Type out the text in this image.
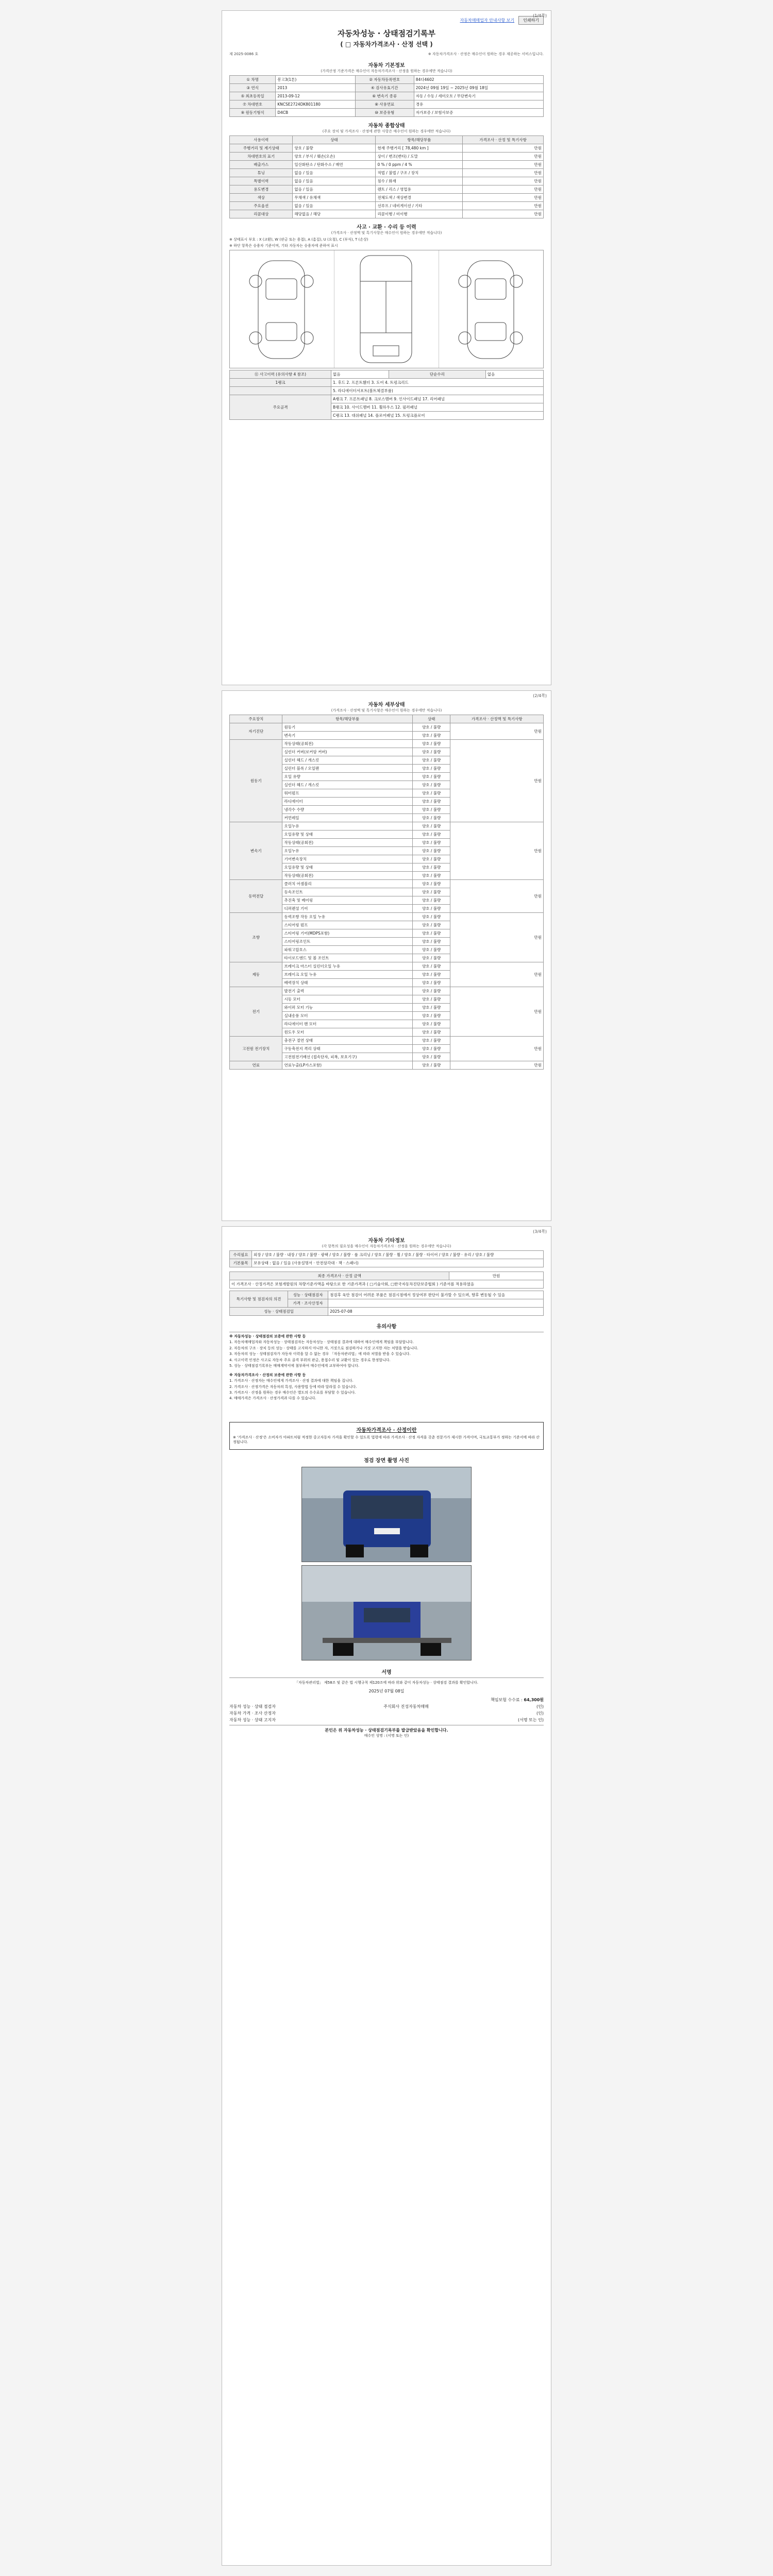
(1/4쪽)
자동차매매업자 안내사항 보기	인쇄하기
자동차성능 · 상태점검기록부
( □ 자동차가격조사 · 산정 선택 )
제 2025-0086 호	※ 자동차가격조사 · 산정은 매수인이 원하는 경우 제공하는 서비스입니다.
자동차 기본정보
(가격산정 기준가격은 매수인이 자동차가격조사 · 산정을 원하는 경우에만 적습니다)
① 차명	봉고3(1톤)	② 자동차등록번호	84다4602
③ 연식	2013	④ 검사유효기간	2024년 09월 19일 ~ 2025년 09월 18일
⑤ 최초등록일	2013-09-12	⑥ 변속기 종류	자동 / 수동 / 세미오토 / 무단변속기
⑦ 차대번호	KNCSE2724DK801180	⑧ 사용연료	경유
⑨ 원동기형식	D4CB	⑩ 보증유형	자가보증 / 보험사보증
자동차 종합상태
(주요 장치 및 가격조사 · 산정에 관한 사항은 매수인이 원하는 경우에만 적습니다)
사용이력	상태	항목/해당부품	가격조사 · 산정 및 특기사항
주행거리 및 계기상태	양호 / 불량	현재 주행거리 [ 78,480 km ]	만원
차대번호의 표기	양호 / 부식 / 훼손(오손)	상이 / 변조(변타) / 도말	만원
배출가스	일산화탄소 / 탄화수소 / 매연	0 % / 0 ppm / 4 %	만원
튜닝	없음 / 있음	적법 / 불법 / 구조 / 장치	만원
특별이력	없음 / 있음	침수 / 화재	만원
용도변경	없음 / 있음	렌트 / 리스 / 영업용	만원
색상	무채색 / 유채색	전체도색 / 색상변경	만원
주요옵션	없음 / 있음	선루프 / 네비게이션 / 기타	만원
리콜대상	해당없음 / 해당	리콜이행 / 미이행	만원
사고 · 교환 · 수리 등 이력
(가격조사 · 산정액 및 특기사항은 매수인이 원하는 경우에만 적습니다)
※ 상태표시 부호 : X (교환), W (판금 또는 용접), A (흠집), U (요철), C (부식), T (손상)
※ 하단 항목은 승용차 기준이며, 기타 자동차는 승용차에 준하여 표시
⑪ 사고이력 (유의사항 4 참조)	없음	단순수리	없음
1랭크	1. 후드 2. 프론트휀더 3. 도어 4. 트렁크리드		
	5. 라디에이터서포트(볼트체결부품)		
주요골격	A랭크 7. 프론트패널 8. 크로스멤버 9. 인사이드패널 17. 리어패널		
	B랭크 10. 사이드멤버 11. 휠하우스 12. 필러패널		
	C랭크 13. 대쉬패널 14. 플로어패널 15. 트렁크플로어		
(2/4쪽)
자동차 세부상태
(가격조사 · 산정액 및 특기사항은 매수인이 원하는 경우에만 적습니다)
주요장치	항목/해당부품	상태	가격조사 · 산정액 및 특기사항
자기진단	원동기	양호 / 불량	만원
	변속기	양호 / 불량	
원동기	작동상태(공회전)	양호 / 불량	만원
	실린더 커버(로커암 커버)	양호 / 불량	
	실린더 헤드 / 개스킷	양호 / 불량	
	실린더 블록 / 오일팬	양호 / 불량	
	오일 유량	양호 / 불량	
	실린더 헤드 / 개스킷	양호 / 불량	
	워터펌프	양호 / 불량	
	라디에이터	양호 / 불량	
	냉각수 수량	양호 / 불량	
	커먼레일	양호 / 불량	
변속기	오일누유	양호 / 불량	만원
	오일유량 및 상태	양호 / 불량	
	작동상태(공회전)	양호 / 불량	
	오일누유	양호 / 불량	
	기어변속장치	양호 / 불량	
	오일유량 및 상태	양호 / 불량	
	작동상태(공회전)	양호 / 불량	
동력전달	클러치 어셈블리	양호 / 불량	만원
	등속조인트	양호 / 불량	
	추진축 및 베어링	양호 / 불량	
	디퍼렌셜 기어	양호 / 불량	
조향	동력조향 작동 오일 누유	양호 / 불량	만원
	스티어링 펌프	양호 / 불량	
	스티어링 기어(MDPS포함)	양호 / 불량	
	스티어링조인트	양호 / 불량	
	파워고압호스	양호 / 불량	
	타이로드엔드 및 볼 조인트	양호 / 불량	
제동	브레이크 마스터 실린더오일 누유	양호 / 불량	만원
	브레이크 오일 누유	양호 / 불량	
	배력장치 상태	양호 / 불량	
전기	발전기 출력	양호 / 불량	만원
	시동 모터	양호 / 불량	
	와이퍼 모터 기능	양호 / 불량	
	실내송풍 모터	양호 / 불량	
	라디에이터 팬 모터	양호 / 불량	
	윈도우 모터	양호 / 불량	
고전원 전기장치	충전구 절연 상태	양호 / 불량	만원
	구동축전지 격리 상태	양호 / 불량	
	고전원전기배선 (접속단자, 피복, 보호기구)	양호 / 불량	
연료	연료누출(LP가스포함)	양호 / 불량	만원
(3/4쪽)
자동차 기타정보
(각 항목의 필요성을 매수인이 자동차가격조사 · 산정을 원하는 경우에만 적습니다)
수리필요	외장 / 양호 / 불량 · 내장 / 양호 / 불량 · 광택 / 양호 / 불량 · 룸 크리닝 / 양호 / 불량 · 휠 / 양호 / 불량 · 타이어 / 양호 / 불량 · 유리 / 양호 / 불량
기본품목	보유상태 : 없음 / 있음 (사용설명서 · 안전삼각대 · 잭 · 스패너)
최종 가격조사 · 산정 금액	만원
이 가격조사 · 산정가격은 보험개발원의 차량기준가액을 바탕으로 한 기준가격과 ( □기술사회, □한국자동차진단보증협회 ) 기준서를 적용하였음
특기사항 및 점검자의 의견	성능 · 상태점검자	점검후 육안 점검이 어려운 부품은 점검시점에서 정상여부 판단이 불가할 수 있으며, 향후 변동될 수 있음
	가격 · 조사산정자	
성능 · 상태점검일		2025-07-08
유의사항

※ 자동차성능 · 상태점검의 보증에 관한 사항 등

1. 자동차매매업자와 자동차성능 · 상태점검자는 자동차성능 · 상태점검 결과에 대하여 매수인에게 책임을 부담합니다.

2. 자동차의 구조 · 장치 등의 성능 · 상태를 고지하지 아니한 자, 거짓으로 점검하거나 거짓 고지한 자는 처벌을 받습니다.

3. 자동차의 성능 · 상태점검자가 자동차 이력을 알 수 없는 경우 「자동차관리법」에 따라 처벌을 받을 수 있습니다.

4. 사고이력 인정은 사고로 자동차 주요 골격 부위의 판금, 용접수리 및 교환이 있는 경우로 한정합니다.

5. 성능 · 상태점검기록부는 매매계약서에 첨부하여 매수인에게 교부하여야 합니다.

※ 자동차가격조사 · 산정의 보증에 관한 사항 등

1. 가격조사 · 산정자는 매수인에게 가격조사 · 산정 결과에 대한 책임을 집니다.

2. 가격조사 · 산정가격은 자동차의 특징, 사용방법 등에 따라 달라질 수 있습니다.

3. 가격조사 · 산정을 원하는 경우 매수인은 별도의 수수료를 부담할 수 있습니다.

4. 매매가격은 가격조사 · 산정가격과 다를 수 있습니다.

자동차가격조사 · 산정이란

※ '가격조사 · 산정'은 소비자가 아파트처럼 적정한 중고자동차 가격을 확인할 수 있도록 법령에 따라 가격조사 · 산정 자격을 갖춘 전문가가 제시한 가격이며, 국토교통부가 정하는 기준서에 따라 산정됩니다.

점검 장면 촬영 사진
서명

「자동차관리법」 제58조 및 같은 법 시행규칙 제120조에 따라 위와 같이 자동차성능 · 상태점검 결과를 확인합니다.

2025년 07월 08일

책임보험 수수료 : 64,300원
자동차 성능 · 상태 점검자	주식회사 진성자동차매매	(인)
자동차 가격 · 조사 산정자	(인)
자동차 성능 · 상태 고지자	(서명 또는 인)

본인은 위 자동차성능 · 상태점검기록부를 발급받았음을 확인합니다.

매수인 성명 : (서명 또는 인)
